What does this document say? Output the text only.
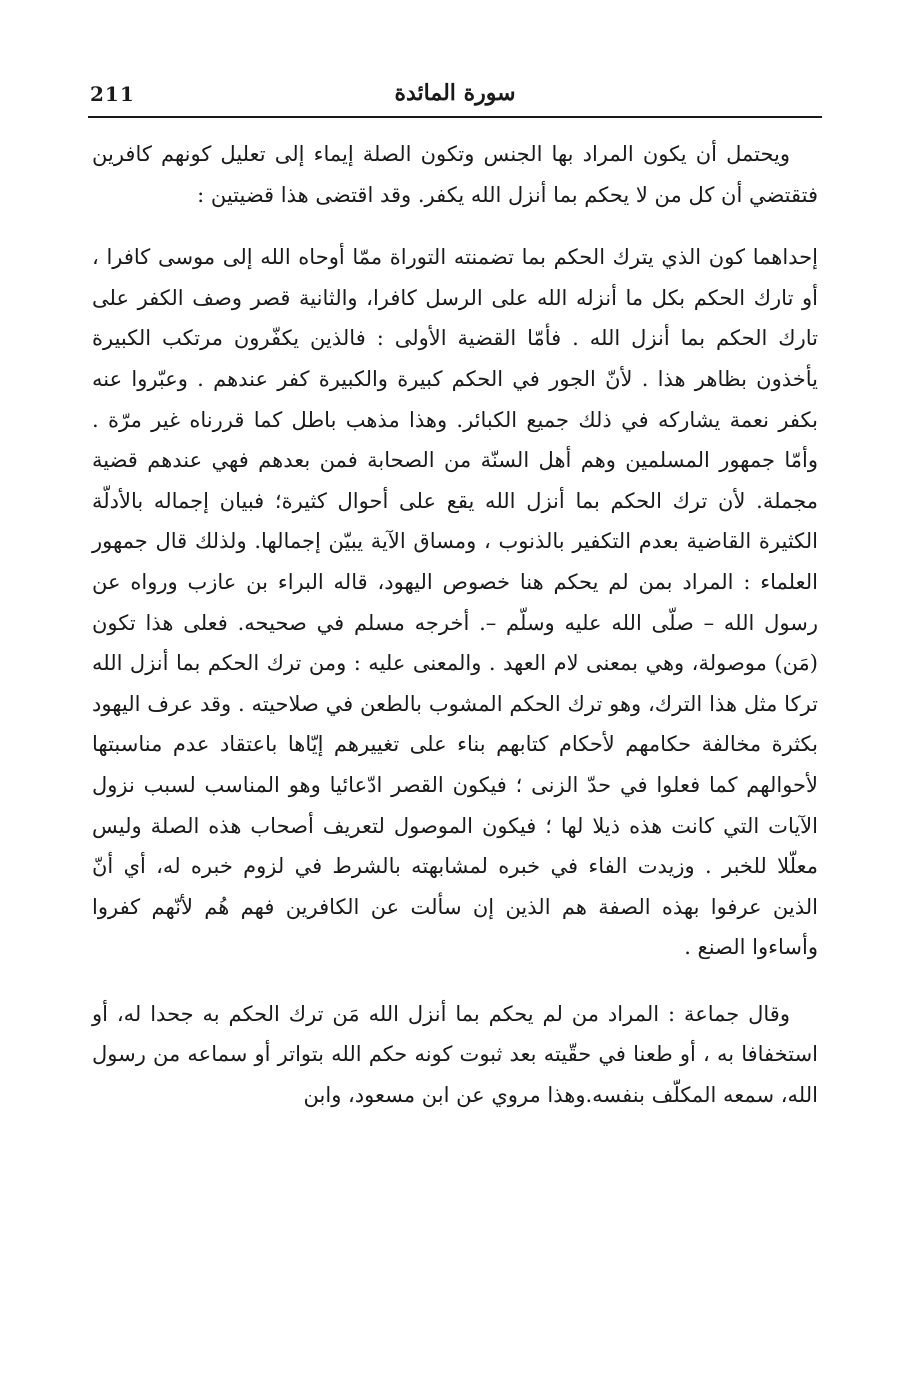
211	سورة المائدة

ويحتمل أن يكون المراد بها الجنس وتكون الصلة إيماء إلى تعليل كونهم كافرين فتقتضي أن كل من لا يحكم بما أنزل الله يكفر. وقد اقتضى هذا قضيتين :

إحداهما كون الذي يترك الحكم بما تضمنته التوراة ممّا أوحاه الله إلى موسى كافرا ، أو تارك الحكم بكل ما أنزله الله على الرسل كافرا، والثانية قصر وصف الكفر على تارك الحكم بما أنزل الله . فأمّا القضية الأولى : فالذين يكفّرون مرتكب الكبيرة يأخذون بظاهر هذا . لأنّ الجور في الحكم كبيرة والكبيرة كفر عندهم . وعبّروا عنه بكفر نعمة يشاركه في ذلك جميع الكبائر. وهذا مذهب باطل كما قررناه غير مرّة . وأمّا جمهور المسلمين وهم أهل السنّة من الصحابة فمن بعدهم فهي عندهم قضية مجملة. لأن ترك الحكم بما أنزل الله يقع على أحوال كثيرة؛ فبيان إجماله بالأدلّة الكثيرة القاضية بعدم التكفير بالذنوب ، ومساق الآية يبيّن إجمالها. ولذلك قال جمهور العلماء : المراد بمن لم يحكم هنا خصوص اليهود، قاله البراء بن عازب ورواه عن رسول الله – صلّى الله عليه وسلّم –. أخرجه مسلم في صحيحه. فعلى هذا تكون (مَن) موصولة، وهي بمعنى لام العهد . والمعنى عليه : ومن ترك الحكم بما أنزل الله تركا مثل هذا الترك، وهو ترك الحكم المشوب بالطعن في صلاحيته . وقد عرف اليهود بكثرة مخالفة حكامهم لأحكام كتابهم بناء على تغييرهم إيّاها باعتقاد عدم مناسبتها لأحوالهم كما فعلوا في حدّ الزنى ؛ فيكون القصر ادّعائيا وهو المناسب لسبب نزول الآيات التي كانت هذه ذيلا لها ؛ فيكون الموصول لتعريف أصحاب هذه الصلة وليس معلّلا للخبر . وزيدت الفاء في خبره لمشابهته بالشرط في لزوم خبره له، أي أنّ الذين عرفوا بهذه الصفة هم الذين إن سألت عن الكافرين فهم هُم لأنّهم كفروا وأساءوا الصنع .

وقال جماعة : المراد من لم يحكم بما أنزل الله مَن ترك الحكم به جحدا له، أو استخفافا به ، أو طعنا في حقّيته بعد ثبوت كونه حكم الله بتواتر أو سماعه من رسول الله، سمعه المكلّف بنفسه.وهذا مروي عن ابن مسعود، وابن
